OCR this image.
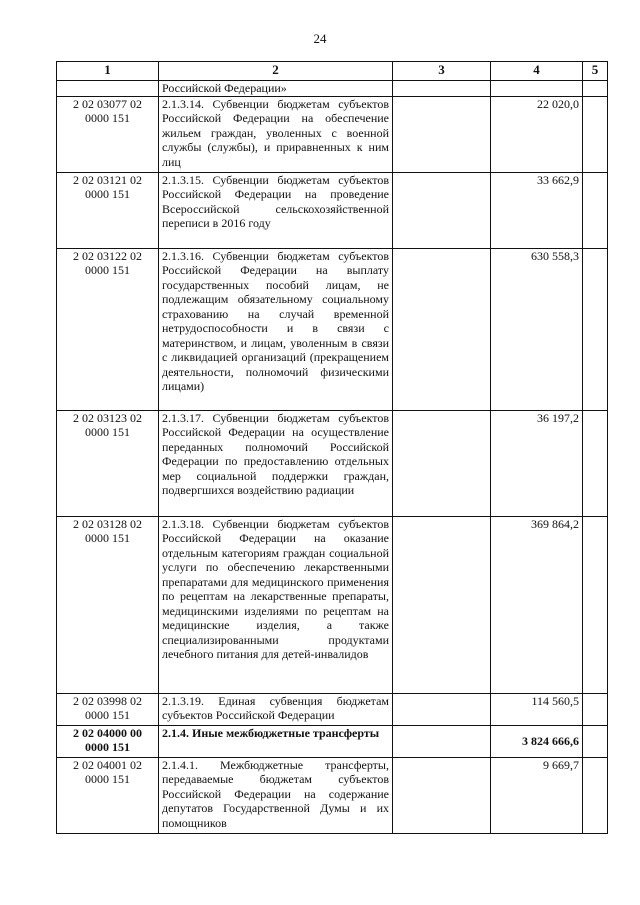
24
1	2	3	4	5
	Российской Федерации»			
2 02 03077 02 0000 151	2.1.3.14. Субвенции бюджетам субъектов Российской Федерации на обеспечение жильем граждан, уволенных с военной службы (службы), и приравненных к ним лиц		22 020,0	
2 02 03121 02 0000 151	2.1.3.15. Субвенции бюджетам субъектов Российской Федерации на проведение Всероссийской сельскохозяйственной переписи в 2016 году		33 662,9	
2 02 03122 02 0000 151	2.1.3.16. Субвенции бюджетам субъектов Российской Федерации на выплату государственных пособий лицам, не подлежащим обязательному социальному страхованию на случай временной нетрудоспособности и в связи с материнством, и лицам, уволенным в связи с ликвидацией организаций (прекращением деятельности, полномочий физическими лицами)		630 558,3	
2 02 03123 02 0000 151	2.1.3.17. Субвенции бюджетам субъектов Российской Федерации на осуществление переданных полномочий Российской Федерации по предоставлению отдельных мер социальной поддержки граждан, подвергшихся воздействию радиации		36 197,2	
2 02 03128 02 0000 151	2.1.3.18. Субвенции бюджетам субъектов Российской Федерации на оказание отдельным категориям граждан социальной услуги по обеспечению лекарственными препаратами для медицинского применения по рецептам на лекарственные препараты, медицинскими изделиями по рецептам на медицинские изделия, а также специализированными продуктами лечебного питания для детей-инвалидов		369 864,2	
2 02 03998 02 0000 151	2.1.3.19. Единая субвенция бюджетам субъектов Российской Федерации		114 560,5	
2 02 04000 00 0000 151	2.1.4. Иные межбюджетные трансферты		3 824 666,6	
2 02 04001 02 0000 151	2.1.4.1. Межбюджетные трансферты, передаваемые бюджетам субъектов Российской Федерации на содержание депутатов Государственной Думы и их помощников		9 669,7	
